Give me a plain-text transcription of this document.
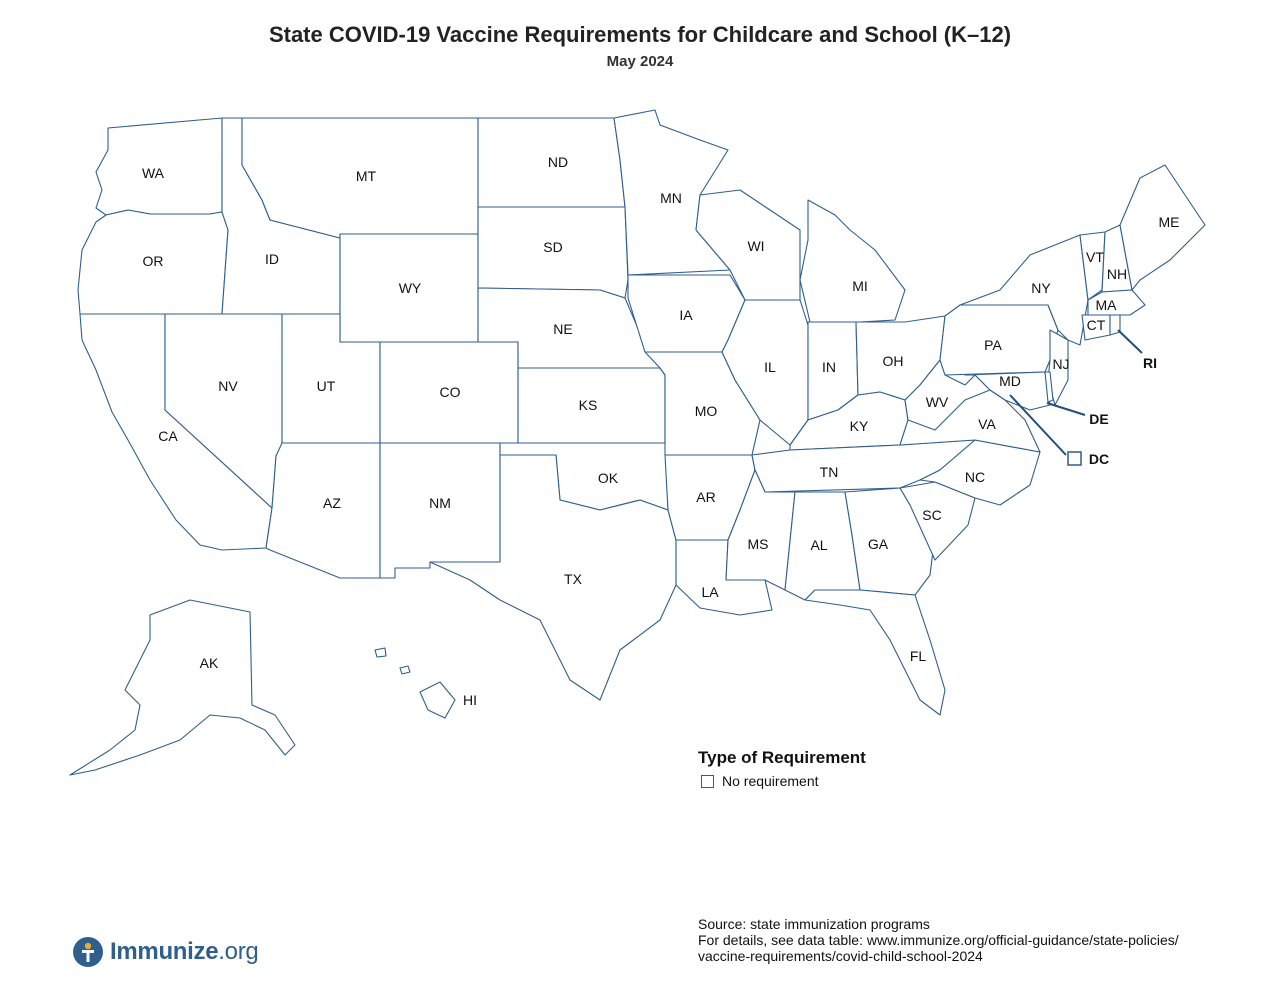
State COVID-19 Vaccine Requirements for Childcare and School (K–12)
May 2024
WA
OR
CA
ID
NV
MT
WY
UT
AZ
CO
NM
ND
SD
NE
KS
OK
TX
MN
IA
MO
AR
LA
WI
IL
MI
IN	OH
KY
TN
MS	AL	GA
FL
SC
NC
VA
WV
PA
NY
MD
NJ
VT
NH
ME
MA
CT
AK
HI
RI
DE
DC
Type of Requirement
No requirement
Source: state immunization programs
For details, see data table: www.immunize.org/official-guidance/state-policies/
vaccine-requirements/covid-child-school-2024
Immunize.org
